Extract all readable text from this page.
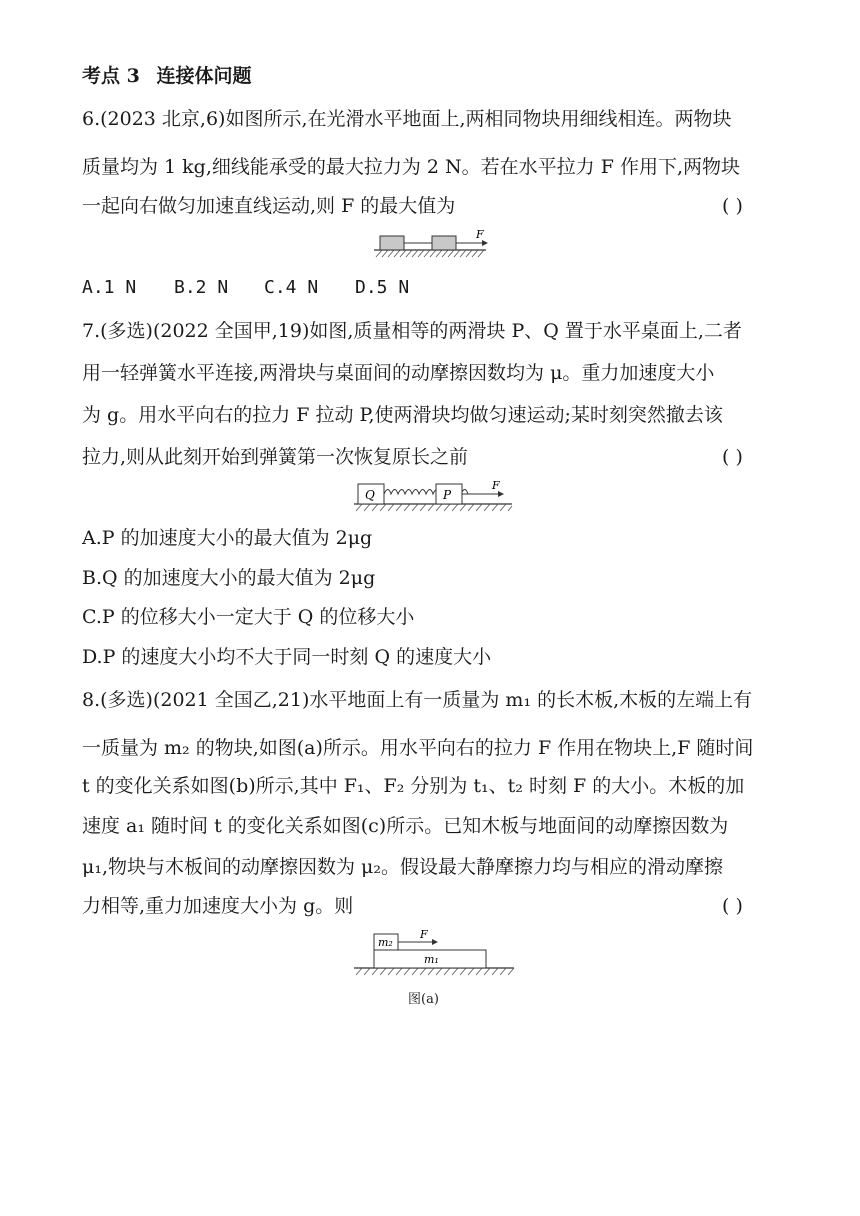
考点 3 连接体问题
6.(2023 北京,6)如图所示,在光滑水平地面上,两相同物块用细线相连。两物块
质量均为 1 kg,细线能承受的最大拉力为 2 N。若在水平拉力 F 作用下,两物块
一起向右做匀加速直线运动,则 F 的最大值为	( )
F
A.1 N B.2 N C.4 N D.5 N
7.(多选)(2022 全国甲,19)如图,质量相等的两滑块 P、Q 置于水平桌面上,二者
用一轻弹簧水平连接,两滑块与桌面间的动摩擦因数均为 μ。重力加速度大小
为 g。用水平向右的拉力 F 拉动 P,使两滑块均做匀速运动;某时刻突然撤去该
拉力,则从此刻开始到弹簧第一次恢复原长之前	( )
Q	P
F
A.P 的加速度大小的最大值为 2μg
B.Q 的加速度大小的最大值为 2μg
C.P 的位移大小一定大于 Q 的位移大小
D.P 的速度大小均不大于同一时刻 Q 的速度大小
8.(多选)(2021 全国乙,21)水平地面上有一质量为 m₁ 的长木板,木板的左端上有
一质量为 m₂ 的物块,如图(a)所示。用水平向右的拉力 F 作用在物块上,F 随时间
t 的变化关系如图(b)所示,其中 F₁、F₂ 分别为 t₁、t₂ 时刻 F 的大小。木板的加
速度 a₁ 随时间 t 的变化关系如图(c)所示。已知木板与地面间的动摩擦因数为
μ₁,物块与木板间的动摩擦因数为 μ₂。假设最大静摩擦力均与相应的滑动摩擦
力相等,重力加速度大小为 g。则	( )
m₁
m₂
F
图(a)
